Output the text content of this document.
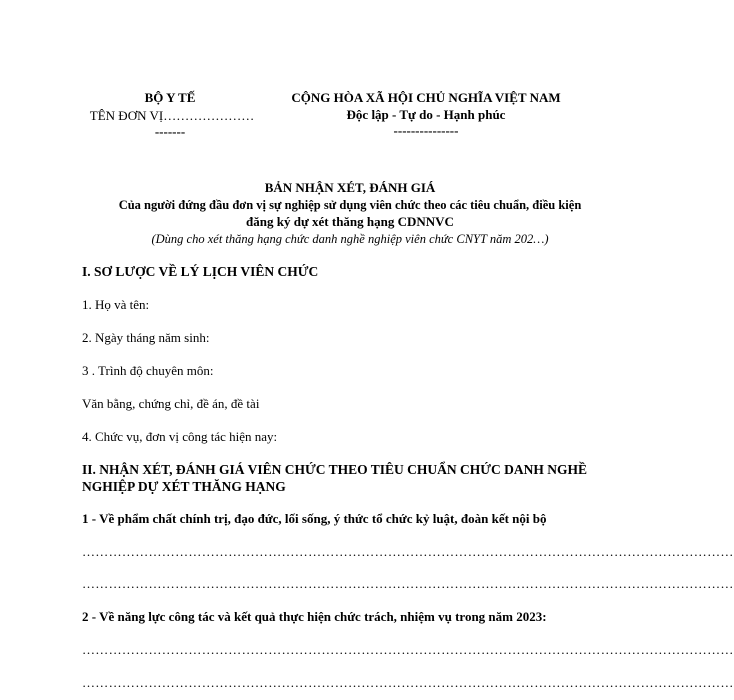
BỘ Y TẾ
TÊN ĐƠN VỊ…………………
-------
CỘNG HÒA XÃ HỘI CHỦ NGHĨA VIỆT NAM
Độc lập - Tự do - Hạnh phúc
---------------
BẢN NHẬN XÉT, ĐÁNH GIÁ
Của người đứng đầu đơn vị sự nghiệp sử dụng viên chức theo các tiêu chuẩn, điều kiện
đăng ký dự xét thăng hạng CDNNVC
(Dùng cho xét thăng hạng chức danh nghề nghiệp viên chức CNYT năm 202…)
I. SƠ LƯỢC VỀ LÝ LỊCH VIÊN CHỨC
1. Họ và tên:
2. Ngày tháng năm sinh:
3 . Trình độ chuyên môn:
Văn bằng, chứng chỉ, đề án, đề tài
4. Chức vụ, đơn vị công tác hiện nay:
II. NHẬN XÉT, ĐÁNH GIÁ VIÊN CHỨC THEO TIÊU CHUẨN CHỨC DANH NGHỀ
NGHIỆP DỰ XÉT THĂNG HẠNG
1 - Về phẩm chất chính trị, đạo đức, lối sống, ý thức tổ chức kỷ luật, đoàn kết nội bộ
…………………………………………………………………………………………………………………………………
…………………………………………………………………………………………………………………………………
2 - Về năng lực công tác và kết quả thực hiện chức trách, nhiệm vụ trong năm 2023:
…………………………………………………………………………………………………………………………………
…………………………………………………………………………………………………………………………………
